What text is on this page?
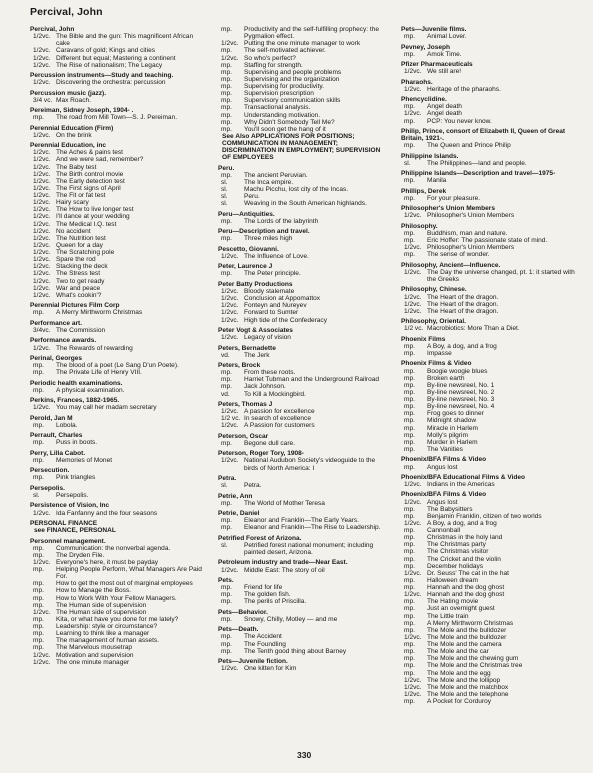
Percival, John
Percival, John
1/2vc. The Bible and the gun: This magnificent African cake
1/2vc. Caravans of gold; Kings and cities
1/2vc. Different but equal; Mastering a continent
1/2vc. The Rise of nationalism; The Legacy
Percussion instruments—Study and teaching.
1/2vc. Discovering the orchestra: percussion
Percussion music (jazz).
3/4 vc. Max Roach.
Pereiman, Sidney Joseph, 1904- .
mp.	The road from Mill Town—S. J. Pereiman.
Perennial Education (Firm)
1/2vc. On the brink
Perennial Education, inc
1/2vc. The Aches & pains test
1/2vc. And we were sad, remember?
1/2vc. The Baby test
1/2vc. The Birth control movie
1/2vc. The Early detection test
1/2vc. The First signs of April
1/2vc. The Fit or fat test
1/2vc. Hairy scary
1/2vc. The How to live longer test
1/2vc. I'll dance at your wedding
1/2vc. The Medical I.Q. test
1/2vc. No accident
1/2vc. The Nutrition test
1/2vc. Queen for a day
1/2vc. The Scratching pole
1/2vc. Spare the rod
1/2vc. Stacking the deck
1/2vc. The Stress test
1/2vc. Two to get ready
1/2vc. War and peace
1/2vc. What's cookin'?
Perennial Pictures Film Corp
mp.	A Merry Mirthworm Christmas
Performance art.
3/4vc. The Commission
Performance awards.
1/2vc. The Rewards of rewarding
Perinal, Georges
mp.	The blood of a poet (Le Sang D'un Poete).
mp.	The Private Life of Henry VIII.
Periodic health examinations.
mp.	A physical examination.
Perkins, Frances, 1882-1965.
1/2vc. You may call her madam secretary
Perold, Jan M
mp.	Lobola.
Perrault, Charles
mp.	Puss in boots.
Perry, Lilla Cabot.
mp.	Memories of Monet
Persecution.
mp.	Pink triangles
Persepolis.
sl.	Persepolis.
Persistence of Vision, Inc
1/2vc. Ida Fanfanny and the four seasons
PERSONAL FINANCE
see FINANCE, PERSONAL
Personnel management.
mp.	Communication: the nonverbal agenda.
mp.	The Dryden File.
1/2vc. Everyone's here, it must be payday
mp.	Helping People Perform, What Managers Are Paid For.
mp.	How to get the most out of marginal employees
mp.	How to Manage the Boss.
mp.	How to Work With Your Fellow Managers.
mp.	The Human side of supervision
1/2vc. The Human side of supervision
mp.	Kita, or what have you done for me lately?
mp.	Leadership: style or circumstance?
mp.	Learning to think like a manager
mp.	The management of human assets.
mp.	The Marvelous mousetrap
1/2vc. Motivation and supervision
1/2vc. The one minute manager
mp.	Productivity and the self-fulfilling prophecy: the Pygmalion effect.
1/2vc. Putting the one minute manager to work
mp.	The self-motivated achiever.
1/2vc. So who's perfect?
mp.	Staffing for strength.
mp.	Supervising and people problems
mp.	Supervising and the organization
mp.	Supervising for productivity.
mp.	Supervision prescription
mp.	Supervisory communication skills
mp.	Transactional analysis.
mp.	Understanding motivation.
mp.	Why Didn't Somebody Tell Me?
mp.	You'll soon get the hang of it
See Also APPLICATIONS FOR POSITIONS; COMMUNICATION IN MANAGEMENT; DISCRIMINATION IN EMPLOYMENT; SUPERVISION OF EMPLOYEES
Peru.
mp.	The ancient Peruvian.
sl.	The Inca empire.
sl.	Machu Picchu, lost city of the Incas.
sl.	Peru.
sl.	Weaving in the South American highlands.
Peru—Antiquities.
mp.	The Lords of the labyrinth
Peru—Description and travel.
mp.	Three miles high
Pescetto, Giovanni.
1/2vc. The Influence of Love.
Peter, Laurence J
mp.	The Peter principle.
Peter Batty Productions
1/2vc. Bloody stalemate
1/2vc. Conclusion at Appomattox
1/2vc. Fonteyn and Nureyev
1/2vc. Forward to Sumter
1/2vc. High tide of the Confederacy
Peter Vogt & Associates
1/2vc. Legacy of vision
Peters, Bernadette
vd.	The Jerk
Peters, Brock
mp.	From these roots.
mp.	Harriet Tubman and the Underground Railroad
mp.	Jack Johnson.
vd.	To Kill a Mockingbird.
Peters, Thomas J
1/2vc. A passion for excellence
1/2 vc. In search of excellence
1/2vc. A Passion for customers
Peterson, Oscar
mp.	Begone dull care.
Peterson, Roger Tory, 1908-
1/2vc. National Audubon Society's videoguide to the birds of North America: I
Petra.
sl.	Petra.
Petrie, Ann
mp.	The World of Mother Teresa
Petrie, Daniel
mp.	Eleanor and Franklin—The Early Years.
mp.	Eleanor and Franklin—The Rise to Leadership.
Petrified Forest of Arizona.
sl.	Petrified forest national monument; including painted desert, Arizona.
Petroleum industry and trade—Near East.
1/2vc. Middle East: The story of oil
Pets.
mp.	Friend for life
mp.	The golden fish.
mp.	The perils of Priscilla.
Pets—Behavior.
mp.	Snowy, Chilly, Motley — and me
Pets—Death.
mp.	The Accident
mp.	The Foundling
mp.	The Tenth good thing about Barney
Pets—Juvenile fiction.
1/2vc. One kitten for Kim
Pets—Juvenile films.
mp.	Animal Lover.
Pevney, Joseph
mp.	Amok Time.
Pfizer Pharmaceuticals
1/2vc. We still are!
Pharaohs.
1/2vc. Heritage of the pharaohs.
Phencyclidine.
mp.	Angel death
1/2vc. Angel death
mp.	PCP: You never know.
Philip, Prince, consort of Elizabeth II, Queen of Great Britain, 1921-.
mp.	The Queen and Prince Philip
Philippine Islands.
sl.	The Philippines—land and people.
Philippine Islands—Description and travel—1975-
mp.	Manila
Phillips, Derek
mp.	For your pleasure.
Philosopher's Union Members
1/2vc. Philosopher's Union Members
Philosophy.
mp.	Buddhism, man and nature.
mp.	Eric Hoffer: The passionate state of mind.
1/2vc. Philosopher's Union Members
mp.	The sense of wonder.
Philosophy, Ancient—Influence.
1/2vc. The Day the universe changed, pt. 1: it started with the Greeks
Philosophy, Chinese.
1/2vc. The Heart of the dragon.
1/2vc. The Heart of the dragon.
1/2vc. The Heart of the dragon.
Philosophy, Oriental.
1/2 vc. Macrobiotics: More Than a Diet.
Phoenix Films
mp.	A Boy, a dog, and a frog
mp.	Impasse
Phoenix Films & Video
mp.	Boogie woogie blues
mp.	Broken earth
mp.	By-line newsreel, No. 1
mp.	By-line newsreel, No. 2
mp.	By-line newsreel, No. 3
mp.	By-line newsreel, No. 4
mp.	Frog goes to dinner
mp.	Midnight shadow
mp.	Miracle in Harlem
mp.	Molly's pilgrim
mp.	Murder in Harlem
mp.	The Vanities
Phoenix/BFA Films & Video
mp.	Angus lost
Phoenix/BFA Educational Films & Video
1/2vc. Indians in the Americas
Phoenix/BFA Films & Video
1/2vc. Angus lost
mp.	The Babysitters
mp.	Benjamin Franklin, citizen of two worlds
1/2vc. A Boy, a dog, and a frog
mp.	Cannonball
mp.	Christmas in the holy land
mp.	The Christmas party
mp.	The Christmas visitor
mp.	The Cricket and the violin
mp.	December holidays
1/2vc. Dr. Seuss' The cat in the hat
mp.	Halloween dream
mp.	Hannah and the dog ghost
1/2vc. Hannah and the dog ghost
mp.	The Hating movie
mp.	Just an overnight guest
mp.	The Little train
mp.	A Merry Mirthworm Christmas
mp.	The Mole and the bulldozer
1/2vc. The Mole and the bulldozer
mp.	The Mole and the camera
mp.	The Mole and the car
mp.	The Mole and the chewing gum
mp.	The Mole and the Christmas tree
mp.	The Mole and the egg
1/2vc. The Mole and the lollipop
1/2vc. The Mole and the matchbox
1/2vc. The Mole and the telephone
mp.	A Pocket for Corduroy
330
